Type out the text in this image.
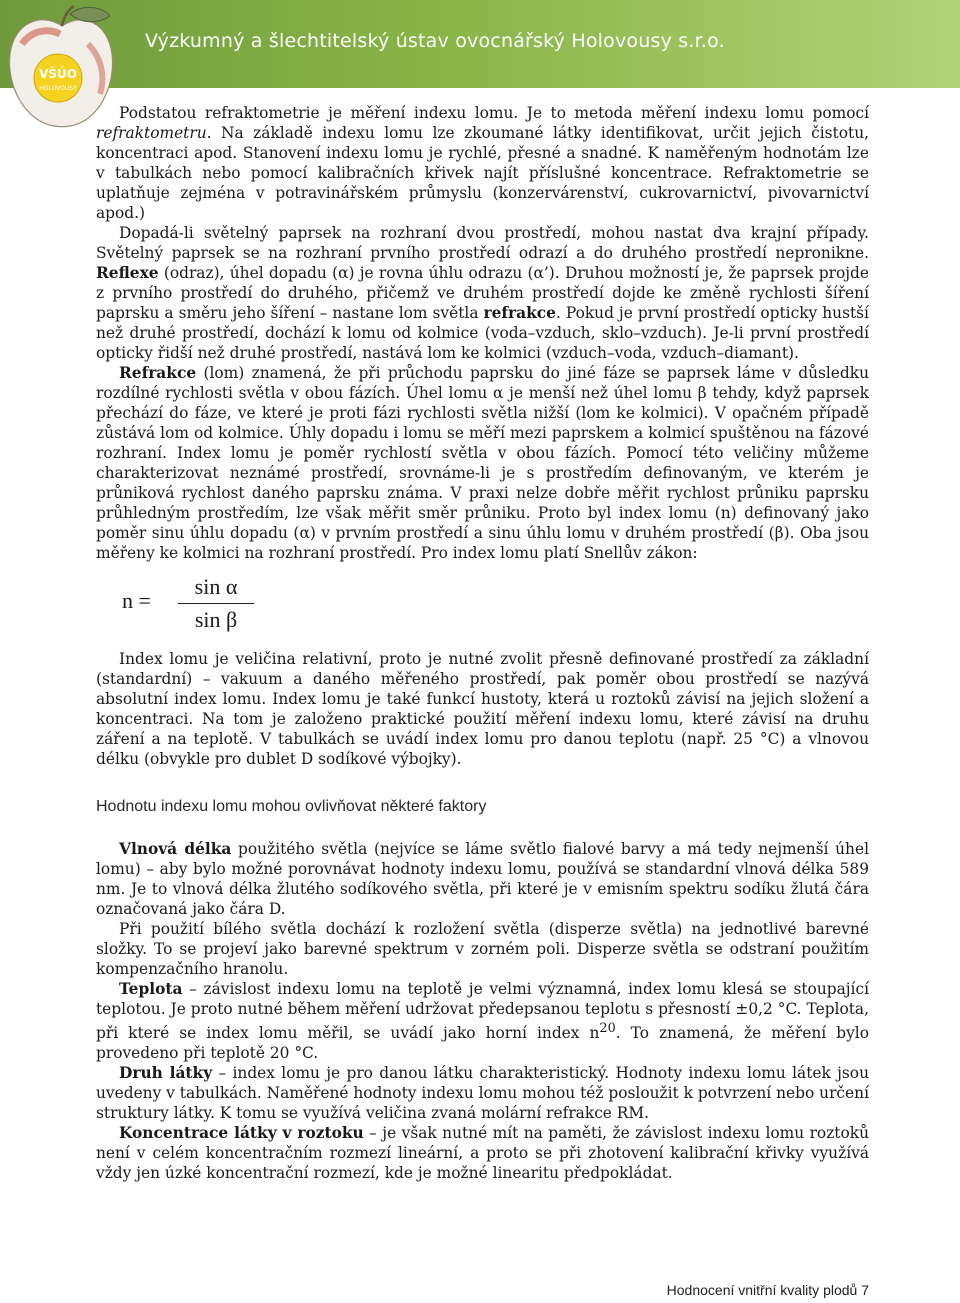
Výzkumný a šlechtitelský ústav ovocnářský Holovousy s.r.o.
VŠÚO
HOLOVOUSY

Podstatou refraktometrie je měření indexu lomu. Je to metoda měření indexu lomu pomocí refraktometru. Na základě indexu lomu lze zkoumané látky identifikovat, určit jejich čistotu, koncentraci apod. Stanovení indexu lomu je rychlé, přesné a snadné. K naměřeným hodnotám lze v tabulkách nebo pomocí kalibračních křivek najít příslušné koncentrace. Refraktometrie se uplatňuje zejména v potravinářském průmyslu (konzervárenství, cukrovarnictví, pivovarnictví apod.)

Dopadá-li světelný paprsek na rozhraní dvou prostředí, mohou nastat dva krajní případy. Světelný paprsek se na rozhraní prvního prostředí odrazí a do druhého prostředí nepronikne. Reflexe (odraz), úhel dopadu (α) je rovna úhlu odrazu (α’). Druhou možností je, že paprsek projde z prvního prostředí do druhého, přičemž ve druhém prostředí dojde ke změně rychlosti šíření paprsku a směru jeho šíření – nastane lom světla refrakce. Pokud je první prostředí opticky hustší než druhé prostředí, dochází k lomu od kolmice (voda–vzduch, sklo–vzduch). Je-li první prostředí opticky řidší než druhé prostředí, nastává lom ke kolmici (vzduch–voda, vzduch–diamant).

Refrakce (lom) znamená, že při průchodu paprsku do jiné fáze se paprsek láme v důsledku rozdílné rychlosti světla v obou fázích. Úhel lomu α je menší než úhel lomu β tehdy, když paprsek přechází do fáze, ve které je proti fázi rychlosti světla nižší (lom ke kolmici). V opačném případě zůstává lom od kolmice. Úhly dopadu i lomu se měří mezi paprskem a kolmicí spuštěnou na fázové rozhraní. Index lomu je poměr rychlostí světla v obou fázích. Pomocí této veličiny můžeme charakterizovat neznámé prostředí, srovnáme-li je s prostředím definovaným, ve kterém je průniková rychlost daného paprsku známa. V praxi nelze dobře měřit rychlost průniku paprsku průhledným prostředím, lze však měřit směr průniku. Proto byl index lomu (n) definovaný jako poměr sinu úhlu dopadu (α) v prvním prostředí a sinu úhlu lomu v druhém prostředí (β). Oba jsou měřeny ke kolmici na rozhraní prostředí. Pro index lomu platí Snellův zákon:

n =
sin α
sin β

Index lomu je veličina relativní, proto je nutné zvolit přesně definované prostředí za základní (standardní) – vakuum a daného měřeného prostředí, pak poměr obou prostředí se nazývá absolutní index lomu. Index lomu je také funkcí hustoty, která u roztoků závisí na jejich složení a koncentraci. Na tom je založeno praktické použití měření indexu lomu, které závisí na druhu záření a na teplotě. V tabulkách se uvádí index lomu pro danou teplotu (např. 25 °C) a vlnovou délku (obvykle pro dublet D sodíkové výbojky).

Hodnotu indexu lomu mohou ovlivňovat některé faktory

Vlnová délka použitého světla (nejvíce se láme světlo fialové barvy a má tedy nejmenší úhel lomu) – aby bylo možné porovnávat hodnoty indexu lomu, používá se standardní vlnová délka 589 nm. Je to vlnová délka žlutého sodíkového světla, při které je v emisním spektru sodíku žlutá čára označovaná jako čára D.

Při použití bílého světla dochází k rozložení světla (disperze světla) na jednotlivé barevné složky. To se projeví jako barevné spektrum v zorném poli. Disperze světla se odstraní použitím kompenzačního hranolu.

Teplota – závislost indexu lomu na teplotě je velmi významná, index lomu klesá se stoupající teplotou. Je proto nutné během měření udržovat předepsanou teplotu s přesností ±0,2 °C. Teplota, při které se index lomu měřil, se uvádí jako horní index $n^{20}$. To znamená, že měření bylo provedeno při teplotě 20 °C.

Druh látky – index lomu je pro danou látku charakteristický. Hodnoty indexu lomu látek jsou uvedeny v tabulkách. Naměřené hodnoty indexu lomu mohou též posloužit k potvrzení nebo určení struktury látky. K tomu se využívá veličina zvaná molární refrakce RM.

Koncentrace látky v roztoku – je však nutné mít na paměti, že závislost indexu lomu roztoků není v celém koncentračním rozmezí lineární, a proto se při zhotovení kalibrační křivky využívá vždy jen úzké koncentrační rozmezí, kde je možné linearitu předpokládat.

Hodnocení vnitřní kvality plodů 7
